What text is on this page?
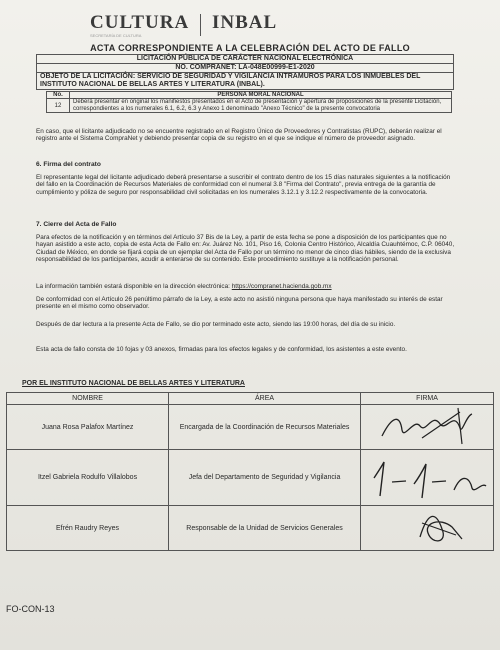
CULTURA INBAL
SECRETARÍA DE CULTURA
ACTA CORRESPONDIENTE A LA CELEBRACIÓN DEL ACTO DE FALLO
LICITACIÓN PÚBLICA DE CARÁCTER NACIONAL ELECTRÓNICA
NO. COMPRANET: LA-048E00999-E1-2020
OBJETO DE LA LICITACIÓN: SERVICIO DE SEGURIDAD Y VIGILANCIA INTRAMUROS PARA LOS INMUEBLES DEL INSTITUTO NACIONAL DE BELLAS ARTES Y LITERATURA (INBAL).
No.	PERSONA MORAL NACIONAL
12	Deberá presentar en original los manifiestos presentados en el Acto de presentación y apertura de proposiciones de la presente Licitación, correspondientes a los numerales 6.1, 6.2, 6.3 y Anexo 1 denominado "Anexo Técnico" de la presente convocatoria
En caso, que el licitante adjudicado no se encuentre registrado en el Registro Único de Proveedores y Contratistas (RUPC), deberán realizar el registro ante el Sistema CompraNet y debiendo presentar copia de su registro en el que se indique el número de proveedor asignado.
6. Firma del contrato
El representante legal del licitante adjudicado deberá presentarse a suscribir el contrato dentro de los 15 días naturales siguientes a la notificación del fallo en la Coordinación de Recursos Materiales de conformidad con el numeral 3.8 "Firma del Contrato", previa entrega de la garantía de cumplimiento y póliza de seguro por responsabilidad civil solicitadas en los numerales 3.12.1 y 3.12.2 respectivamente de la convocatoria.
7. Cierre del Acta de Fallo
Para efectos de la notificación y en términos del Artículo 37 Bis de la Ley, a partir de esta fecha se pone a disposición de los participantes que no hayan asistido a este acto, copia de esta Acta de Fallo en: Av. Juárez No. 101, Piso 16, Colonia Centro Histórico, Alcaldía Cuauhtémoc, C.P. 06040, Ciudad de México, en donde se fijará copia de un ejemplar del Acta de Fallo por un término no menor de cinco días hábiles, siendo de la exclusiva responsabilidad de los participantes, acudir a enterarse de su contenido. Este procedimiento sustituye a la notificación personal.
La información también estará disponible en la dirección electrónica: https://compranet.hacienda.gob.mx
De conformidad con el Artículo 26 penúltimo párrafo de la Ley, a este acto no asistió ninguna persona que haya manifestado su interés de estar presente en el mismo como observador.
Después de dar lectura a la presente Acta de Fallo, se dio por terminado este acto, siendo las 19:00 horas, del día de su inicio.
Esta acta de fallo consta de 10 fojas y 03 anexos, firmadas para los efectos legales y de conformidad, los asistentes a este evento.
POR EL INSTITUTO NACIONAL DE BELLAS ARTES Y LITERATURA
NOMBRE	ÁREA	FIRMA
Juana Rosa Palafox Martínez	Encargada de la Coordinación de Recursos Materiales	
Itzel Gabriela Rodulfo Villalobos	Jefa del Departamento de Seguridad y Vigilancia	
Efrén Raudry Reyes	Responsable de la Unidad de Servicios Generales	
FO-CON-13
